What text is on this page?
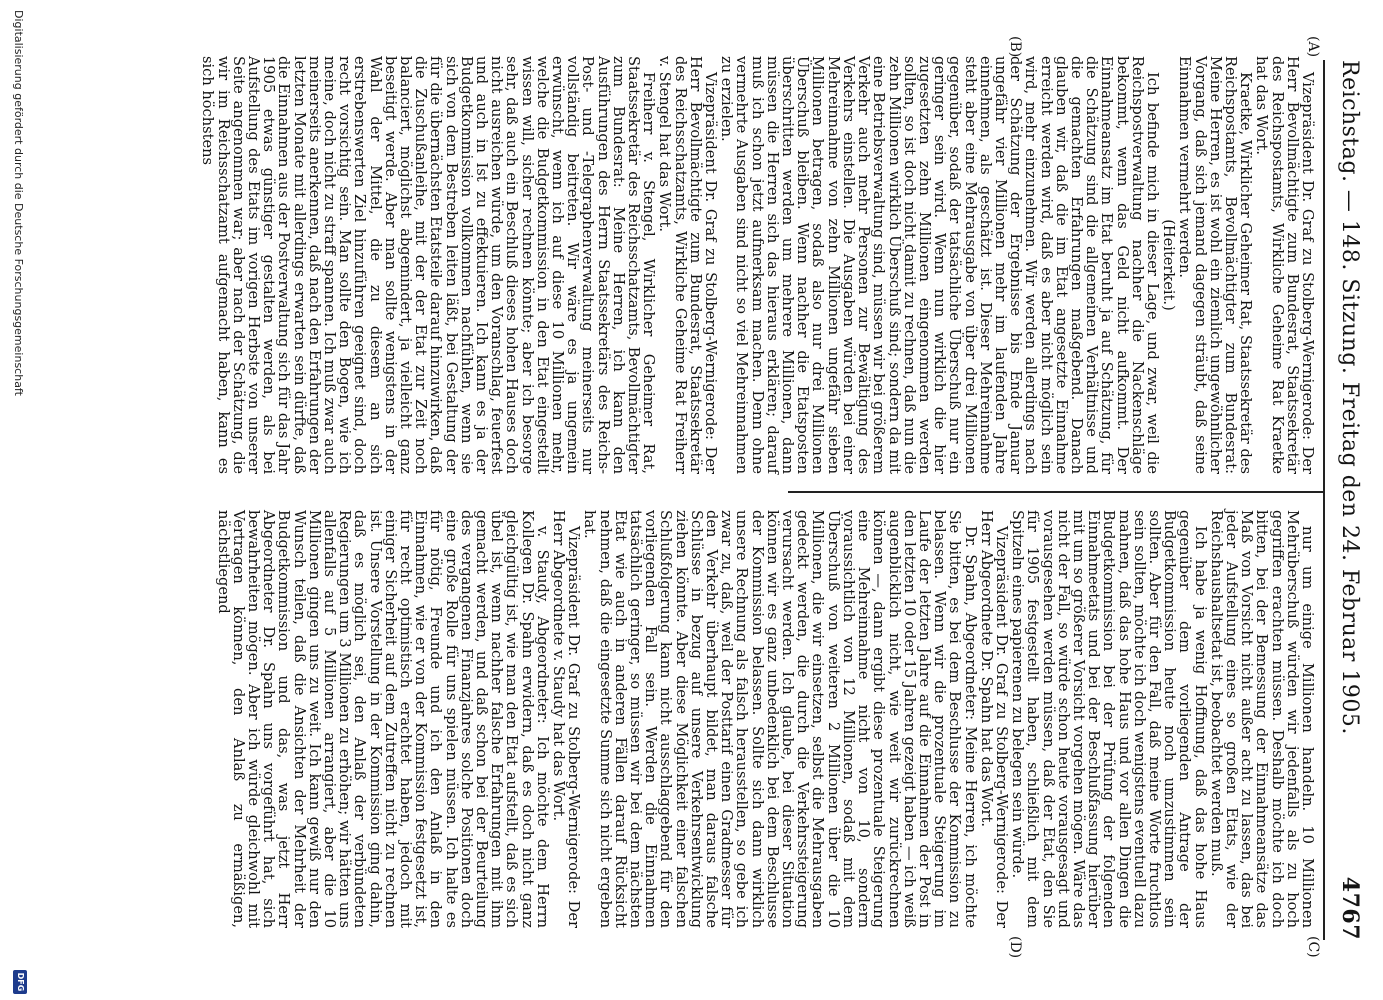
Reichstag. — 148. Sitzung. Freitag den 24. Februar 1905.
4767
(A)
(B)
(C)
(D)

Vizepräsident Dr. Graf zu Stolberg-Wernigerode: Der Herr Bevollmächtigte zum Bundesrat, Staatssekretär des Reichspostamts, Wirkliche Geheime Rat Kraetke hat das Wort.

Kraetke, Wirklicher Geheimer Rat, Staatssekretär des Reichspostamts, Bevollmächtigter zum Bundesrat: Meine Herren, es ist wohl ein ziemlich ungewöhnlicher Vorgang, daß sich jemand dagegen sträubt, daß seine Einnahmen vermehrt werden.

(Heiterkeit.)

Ich befinde mich in dieser Lage, und zwar, weil die Reichspostverwaltung nachher die Nackenschläge bekommt, wenn das Geld nicht aufkommt. Der Einnahmeansatz im Etat beruht ja auf Schätzung, für die Schätzung sind die allgemeinen Verhältnisse und die gemachten Erfahrungen maßgebend. Danach glauben wir, daß die im Etat angesetzte Einnahme erreicht werden wird, daß es aber nicht möglich sein wird, mehr einzunehmen. Wir werden allerdings nach der Schätzung der Ergebnisse bis Ende Januar ungefähr vier Millionen mehr im laufenden Jahre einnehmen, als geschätzt ist. Dieser Mehreinnahme steht aber eine Mehrausgabe von über drei Millionen gegenüber, sodaß der tatsächliche Überschuß nur ein geringer sein wird. Wenn nun wirklich die hier zugesetzten zehn Millionen eingenommen werden sollten, so ist doch nicht damit zu rechnen, daß nun die zehn Millionen wirklich Überschuß sind; sondern da mit eine Betriebsverwaltung sind, müssen wir bei größerem Verkehr auch mehr Personen zur Bewältigung des Verkehrs einstellen. Die Ausgaben würden bei einer Mehreinnahme von zehn Millionen ungefähr sieben Millionen betragen, sodaß also nur drei Millionen Überschuß bleiben. Wenn nachher die Etatsposten überschritten werden um mehrere Millionen, dann müssen die Herren sich das hieraus erklären; darauf muß ich schon jetzt aufmerksam machen. Denn ohne vermehrte Ausgaben sind nicht so viel Mehreinnahmen zu erzielen.

Vizepräsident Dr. Graf zu Stolberg-Wernigerode: Der Herr Bevollmächtigte zum Bundesrat, Staatssekretär des Reichsschatzamts, Wirkliche Geheime Rat Freiherr v. Stengel hat das Wort.

Freiherr v. Stengel, Wirklicher Geheimer Rat, Staatssekretär des Reichsschatzamts, Bevollmächtigter zum Bundesrat: Meine Herren, ich kann den Ausführungen des Herrn Staatssekretärs des Reichs-Post- und -Telegraphenverwaltung meinerseits nur vollständig beitreten. Wir wäre es ja ungemein erwünscht, wenn ich auf diese 10 Millionen mehr, welche die Budgetkommission in den Etat eingestellt wissen will, sicher rechnen könnte; aber ich besorge sehr, daß auch ein Beschluß dieses hohen Hauses doch nicht ausreichen würde, um den Voranschlag, feuerfest und auch in Ist zu effektuieren. Ich kann es ja der Budgetkommission vollkommen nachfühlen, wenn sie sich von dem Bestreben leiten läßt, bei Gestaltung der für die übernächsten Etatsteile darauf hinzuwirken, daß die Zuschußanleihe, mit der der Etat zur Zeit noch balanciert, möglichst abgemindert, ja vielleicht ganz beseitigt werde. Aber man sollte wenigstens in der Wahl der Mittel, die zu diesem an sich erstrebenswerten Ziel hinzuführen geeignet sind, doch recht vorsichtig sein. Man sollte den Bogen, wie ich meine, doch nicht zu straff spannen. Ich muß zwar auch meinerseits anerkennen, daß nach den Erfahrungen der letzten Monate mit allerdings erwarten sein dürfte, daß die Einnahmen aus der Postverwaltung sich für das Jahr 1905 etwas günstiger gestalten werden, als bei Aufstellung des Etats im vorigen Herbste von unserer Seite angenommen war; aber nach der Schätzung, die wir im Reichsschatzamt aufgemacht haben, kann es sich höchstens

nur um einige Millionen handeln. 10 Millionen Mehrüberschuß würden wir jedenfalls als zu hoch gegriffen erachten müssen. Deshalb möchte ich doch bitten, bei der Bemessung der Einnahmeansätze das Maß von Vorsicht nicht außer acht zu lassen, das bei jeder Aufstellung eines so großen Etats, wie der Reichshaushaltsetat ist, beobachtet werden muß.

Ich habe ja wenig Hoffnung, daß das hohe Haus gegenüber dem vorliegenden Antrage der Budgetkommission heute noch umzustimmen sein sollten. Aber für den Fall, daß meine Worte fruchtlos sein sollten, möchte ich doch wenigstens eventuell dazu mahnen, daß das hohe Haus und vor allen Dingen die Budgetkommission bei der Prüfung der folgenden Einnahmeetats und bei der Beschlußfassung hierüber mit um so größerer Vorsicht vorgehen mögen. Wäre das nicht der Fall, so würde schon heute vorausgesagt und vorausgesehen werden müssen, daß der Etat, den Sie für 1905 festgestellt haben, schließlich mit dem Spitzeln eines papierenen zu belegen sein würde.

Vizepräsident Dr. Graf zu Stolberg-Wernigerode: Der Herr Abgeordnete Dr. Spahn hat das Wort.

Dr. Spahn, Abgeordneter: Meine Herren, ich möchte Sie bitten, es bei dem Beschlusse der Kommission zu belassen. Wenn wir die prozentuale Steigerung im Laufe der letzten Jahre auf die Einnahmen der Post in den letzten 10 oder 15 Jahren gezeigt haben — ich weiß augenblicklich nicht, wie weit wir zurückrechnen können —, dann ergibt diese prozentuale Steigerung eine Mehreinnahme nicht von 10, sondern voraussichtlich von 12 Millionen, sodaß mit dem Überschuß von weiteren 2 Millionen über die 10 Millionen, die wir einsetzen, selbst die Mehrausgaben gedeckt werden, die durch die Verkehrssteigerung verursacht werden. Ich glaube, bei dieser Situation können wir es ganz unbedenklich bei dem Beschlusse der Kommission belassen. Sollte sich dann wirklich unsere Rechnung als falsch herausstellen, so gebe ich zwar zu, daß, weil der Posttarif einen Gradmesser für den Verkehr überhaupt bildet, man daraus falsche Schlüsse in bezug auf unsere Verkehrsentwicklung ziehen könnte. Aber diese Möglichkeit einer falschen Schlußfolgerung kann nicht ausschlaggebend für den vorliegenden Fall sein. Werden die Einnahmen tatsächlich geringer, so müssen wir bei dem nächsten Etat wie auch in anderen Fällen darauf Rücksicht nehmen, daß die eingesetzte Summe sich nicht ergeben hat.

Vizepräsident Dr. Graf zu Stolberg-Wernigerode: Der Herr Abgeordnete v. Staudy hat das Wort.

v. Staudy, Abgeordneter: Ich möchte dem Herrn Kollegen Dr. Spahn erwidern, daß es doch nicht ganz gleichgültig ist, wie man den Etat aufstellt, daß es sich übel ist, wenn nachher falsche Erfahrungen mit ihm gemacht werden, und daß schon bei der Beurteilung des vergangenen Finanzjahres solche Positionen doch eine große Rolle für uns spielen müssen. Ich halte es für nötig, Freunde und ich den Anlaß in den Einnahmen, wie er von der Kommission festgesetzt ist, für recht optimistisch erachtet haben, jedoch mit einiger Sicherheit auf dem Zutreffen nicht zu rechnen ist. Unsere Vorstellung in der Kommission ging dahin, daß es möglich sei, den Anlaß der verbündeten Regierungen um 3 Millionen zu erhöhen; wir hätten uns allenfalls auf 5 Millionen arrangiert, aber die 10 Millionen gingen uns zu weit. Ich kann gewiß nur den Wunsch teilen, daß die Ansichten der Mehrheit der Budgetkommission und das, was jetzt Herr Abgeordneter Dr. Spahn uns vorgeführt hat, sich bewahrheiten mögen. Aber ich würde gleichwohl mit Vertragen können, den Anlaß zu ermäßigen, nächstliegend

Digitalisierung gefördert durch die Deutsche Forschungsgemeinschaft
DFG
